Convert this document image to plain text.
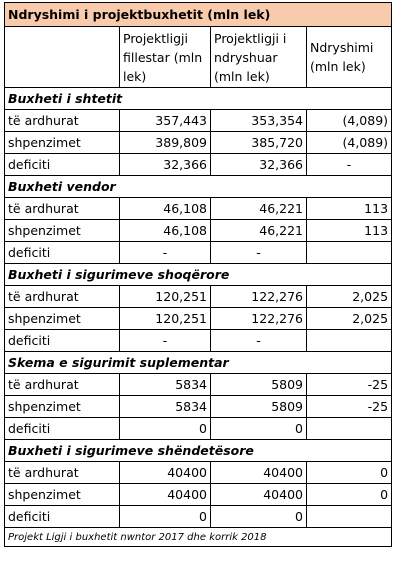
Ndryshimi i projektbuxhetit (mln lek)			
	Projektligji fillestar (mln lek)	Projektligji i ndryshuar (mln lek)	Ndryshimi (mln lek)
Buxheti i shtetit			
të ardhurat	357,443	353,354	(4,089)
shpenzimet	389,809	385,720	(4,089)
deficiti	32,366	32,366	-
Buxheti vendor			
të ardhurat	46,108	46,221	113
shpenzimet	46,108	46,221	113
deficiti	-	-	
Buxheti i sigurimeve shoqërore			
të ardhurat	120,251	122,276	2,025
shpenzimet	120,251	122,276	2,025
deficiti	-	-	
Skema e sigurimit suplementar			
të ardhurat	5834	5809	-25
shpenzimet	5834	5809	-25
deficiti	0	0	
Buxheti i sigurimeve shëndetësore			
të ardhurat	40400	40400	0
shpenzimet	40400	40400	0
deficiti	0	0	
Projekt Ligji i buxhetit nwntor 2017 dhe korrik 2018			
